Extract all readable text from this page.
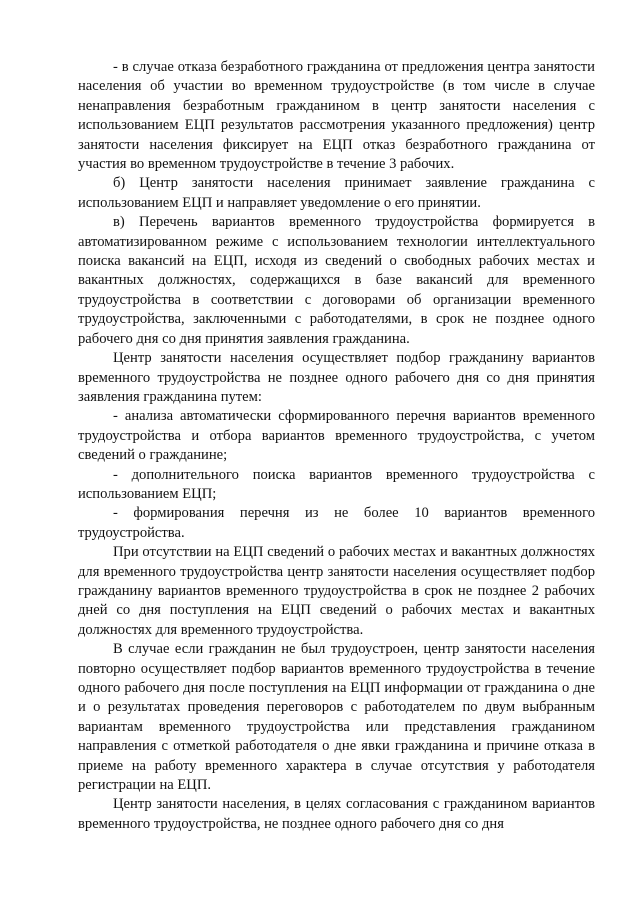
- в случае отказа безработного гражданина от предложения центра занятости населения об участии во временном трудоустройстве (в том числе в случае ненаправления безработным гражданином в центр занятости населения с использованием ЕЦП результатов рассмотрения указанного предложения) центр занятости населения фиксирует на ЕЦП отказ безработного гражданина от участия во временном трудоустройстве в течение 3 рабочих.

б) Центр занятости населения принимает заявление гражданина с использованием ЕЦП и направляет уведомление о его принятии.

в) Перечень вариантов временного трудоустройства формируется в автоматизированном режиме с использованием технологии интеллектуального поиска вакансий на ЕЦП, исходя из сведений о свободных рабочих местах и вакантных должностях, содержащихся в базе вакансий для временного трудоустройства в соответствии с договорами об организации временного трудоустройства, заключенными с работодателями, в срок не позднее одного рабочего дня со дня принятия заявления гражданина.

Центр занятости населения осуществляет подбор гражданину вариантов временного трудоустройства не позднее одного рабочего дня со дня принятия заявления гражданина путем:

- анализа автоматически сформированного перечня вариантов временного трудоустройства и отбора вариантов временного трудоустройства, с учетом сведений о гражданине;

- дополнительного поиска вариантов временного трудоустройства с использованием ЕЦП;

- формирования перечня из не более 10 вариантов временного трудоустройства.

При отсутствии на ЕЦП сведений о рабочих местах и вакантных должностях для временного трудоустройства центр занятости населения осуществляет подбор гражданину вариантов временного трудоустройства в срок не позднее 2 рабочих дней со дня поступления на ЕЦП сведений о рабочих местах и вакантных должностях для временного трудоустройства.

В случае если гражданин не был трудоустроен, центр занятости населения повторно осуществляет подбор вариантов временного трудоустройства в течение одного рабочего дня после поступления на ЕЦП информации от гражданина о дне и о результатах проведения переговоров с работодателем по двум выбранным вариантам временного трудоустройства или представления гражданином направления с отметкой работодателя о дне явки гражданина и причине отказа в приеме на работу временного характера в случае отсутствия у работодателя регистрации на ЕЦП.

Центр занятости населения, в целях согласования с гражданином вариантов временного трудоустройства, не позднее одного рабочего дня со дня
